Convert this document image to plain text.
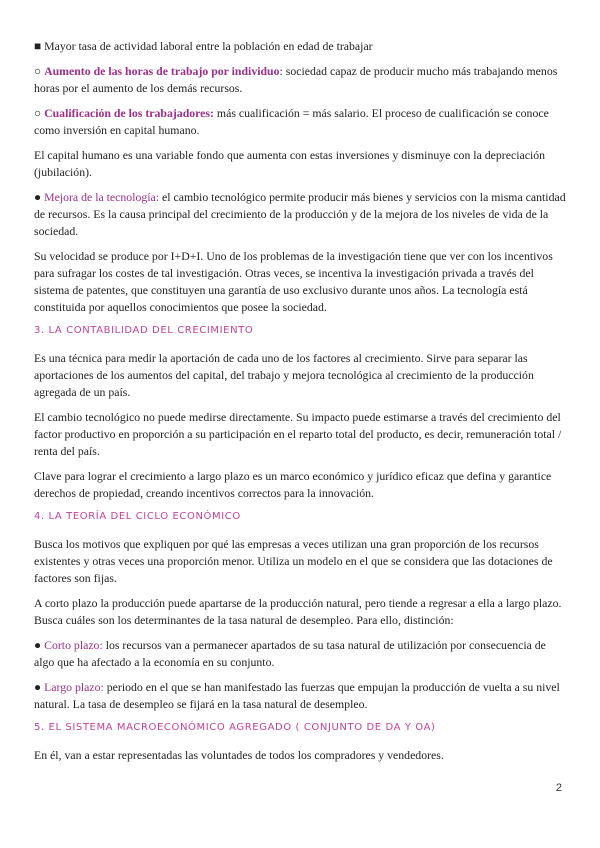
■ Mayor tasa de actividad laboral entre la población en edad de trabajar

○ Aumento de las horas de trabajo por individuo: sociedad capaz de producir mucho más trabajando menos horas por el aumento de los demás recursos.

○ Cualificación de los trabajadores: más cualificación = más salario. El proceso de cualificación se conoce como inversión en capital humano.

El capital humano es una variable fondo que aumenta con estas inversiones y disminuye con la depreciación (jubilación).

● Mejora de la tecnología: el cambio tecnológico permite producir más bienes y servicios con la misma cantidad de recursos. Es la causa principal del crecimiento de la producción y de la mejora de los niveles de vida de la sociedad.

Su velocidad se produce por I+D+I. Uno de los problemas de la investigación tiene que ver con los incentivos para sufragar los costes de tal investigación. Otras veces, se incentiva la investigación privada a través del sistema de patentes, que constituyen una garantía de uso exclusivo durante unos años. La tecnología está constituida por aquellos conocimientos que posee la sociedad.

3. LA CONTABILIDAD DEL CRECIMIENTO

Es una técnica para medir la aportación de cada uno de los factores al crecimiento. Sirve para separar las aportaciones de los aumentos del capital, del trabajo y mejora tecnológica al crecimiento de la producción agregada de un país.

El cambio tecnológico no puede medirse directamente. Su impacto puede estimarse a través del crecimiento del factor productivo en proporción a su participación en el reparto total del producto, es decir, remuneración total / renta del país.

Clave para lograr el crecimiento a largo plazo es un marco económico y jurídico eficaz que defina y garantice derechos de propiedad, creando incentivos correctos para la innovación.

4. LA TEORÍA DEL CICLO ECONÓMICO

Busca los motivos que expliquen por qué las empresas a veces utilizan una gran proporción de los recursos existentes y otras veces una proporción menor. Utiliza un modelo en el que se considera que las dotaciones de factores son fijas.

A corto plazo la producción puede apartarse de la producción natural, pero tiende a regresar a ella a largo plazo. Busca cuáles son los determinantes de la tasa natural de desempleo. Para ello, distinción:

● Corto plazo: los recursos van a permanecer apartados de su tasa natural de utilización por consecuencia de algo que ha afectado a la economía en su conjunto.

● Largo plazo: periodo en el que se han manifestado las fuerzas que empujan la producción de vuelta a su nivel natural. La tasa de desempleo se fijará en la tasa natural de desempleo.

5. EL SISTEMA MACROECONÓMICO AGREGADO ( CONJUNTO DE DA Y OA)

En él, van a estar representadas las voluntades de todos los compradores y vendedores.

2
